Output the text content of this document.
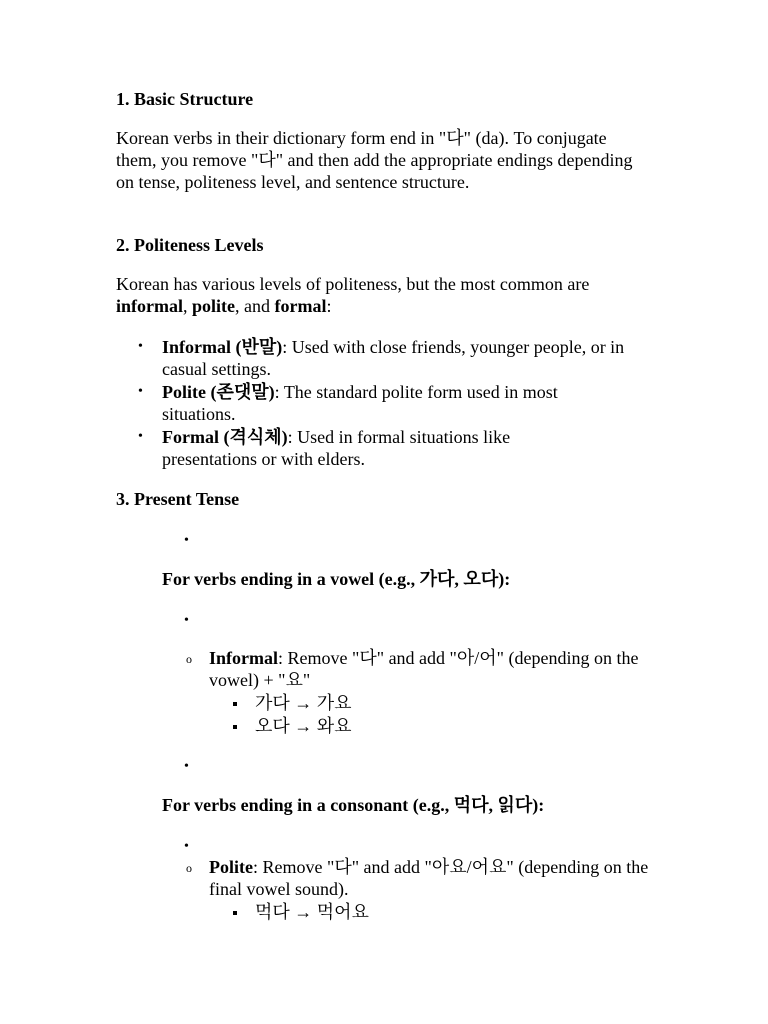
1. Basic Structure

Korean verbs in their dictionary form end in "다" (da). To conjugate them, you remove "다" and then add the appropriate endings depending on tense, politeness level, and sentence structure.

2. Politeness Levels

Korean has various levels of politeness, but the most common are informal, polite, and formal:

• Informal (반말): Used with close friends, younger people, or in casual settings.

• Polite (존댓말): The standard polite form used in most situations.

• Formal (격식체): Used in formal situations like presentations or with elders.

3. Present Tense

•

For verbs ending in a vowel (e.g., 가다, 오다):

•
o Informal: Remove "다" and add "아/어" (depending on the vowel) + "요"

가다 → 가요

오다 → 와요

•

For verbs ending in a consonant (e.g., 먹다, 읽다):

•
o Polite: Remove "다" and add "아요/어요" (depending on the final vowel sound).

먹다 → 먹어요
